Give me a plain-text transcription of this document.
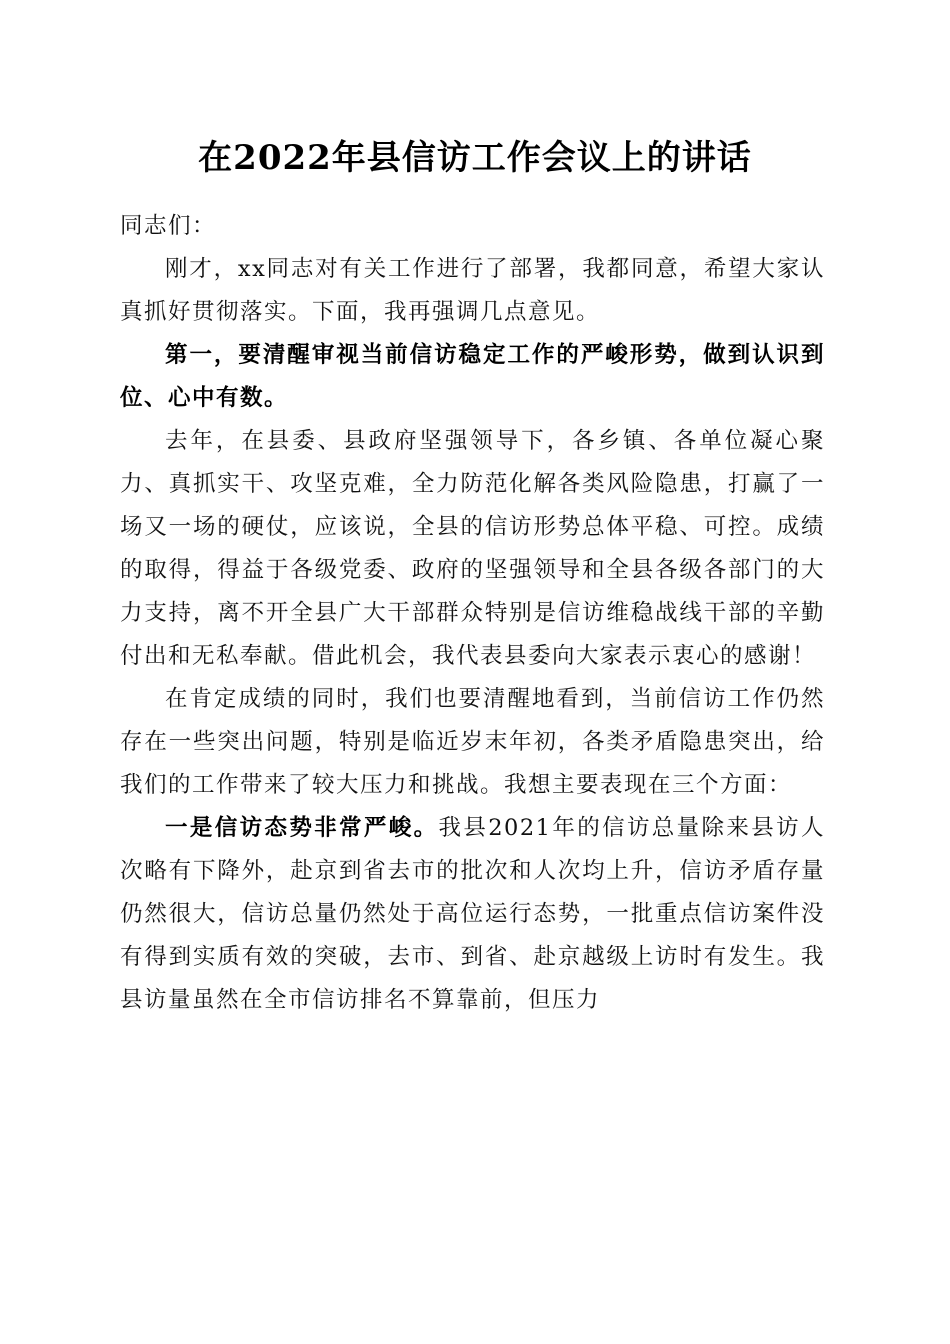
在2022年县信访工作会议上的讲话

同志们：

刚才，xx同志对有关工作进行了部署，我都同意，希望大家认真抓好贯彻落实。下面，我再强调几点意见。

第一，要清醒审视当前信访稳定工作的严峻形势，做到认识到位、心中有数。

去年，在县委、县政府坚强领导下，各乡镇、各单位凝心聚力、真抓实干、攻坚克难，全力防范化解各类风险隐患，打赢了一场又一场的硬仗，应该说，全县的信访形势总体平稳、可控。成绩的取得，得益于各级党委、政府的坚强领导和全县各级各部门的大力支持，离不开全县广大干部群众特别是信访维稳战线干部的辛勤付出和无私奉献。借此机会，我代表县委向大家表示衷心的感谢！

在肯定成绩的同时，我们也要清醒地看到，当前信访工作仍然存在一些突出问题，特别是临近岁末年初，各类矛盾隐患突出，给我们的工作带来了较大压力和挑战。我想主要表现在三个方面：

一是信访态势非常严峻。我县2021年的信访总量除来县访人次略有下降外，赴京到省去市的批次和人次均上升，信访矛盾存量仍然很大，信访总量仍然处于高位运行态势，一批重点信访案件没有得到实质有效的突破，去市、到省、赴京越级上访时有发生。我县访量虽然在全市信访排名不算靠前，但压力
